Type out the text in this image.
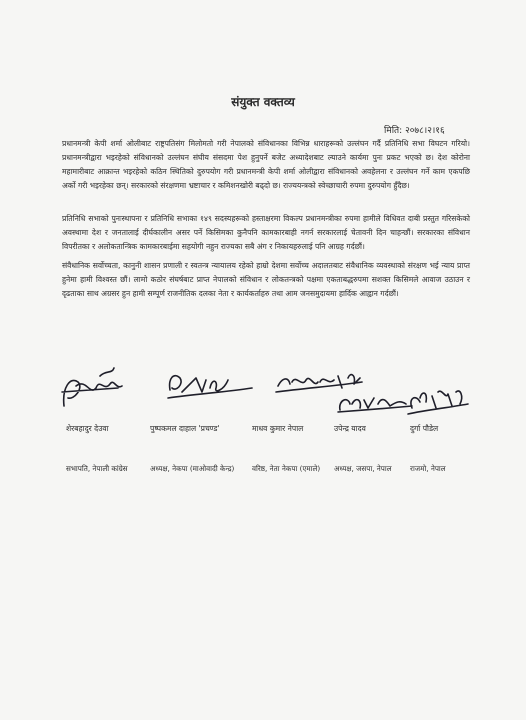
संयुक्त वक्तव्य
मिति: २०७८।२।१६

प्रधानमन्त्री केपी शर्मा ओलीबाट राष्ट्रपतिसंग मिलोमतो गरी नेपालको संविधानका विभिन्न धाराहरूको उल्लंघन गर्दै प्रतिनिधि सभा विघटन गरियो। प्रधानमन्त्रीद्वारा भइरहेको संविधानको उल्लंघन संघीय संसदमा पेश हुनुपर्ने बजेट अध्यादेशबाट ल्याउने कार्यमा पुनः प्रकट भएको छ। देश कोरोना महामारीबाट आक्रान्त भइरहेको कठिन स्थितिको दुरुपयोग गरी प्रधानमन्त्री केपी शर्मा ओलीद्वारा संविधानको अवहेलना र उल्लंघन गर्ने काम एकपछि अर्को गरी भइरहेका छन्। सरकारको संरक्षणमा भ्रष्टाचार र कमिशनखोरी बढ्दो छ। राज्ययन्त्रको स्वेच्छाचारी रुपमा दुरुपयोग हुँदैछ।

प्रतिनिधि सभाको पुनःस्थापना र प्रतिनिधि सभाका १४९ सदस्यहरूको हस्ताक्षरमा विकल्प प्रधानमन्त्रीका रुपमा हामीले विधिवत दाबी प्रस्तुत गरिसकेको अवस्थामा देश र जनतालाई दीर्घकालीन असर पर्ने किसिमका कुनैपनि कामकारबाही नगर्न सरकारलाई चेतावनी दिन चाहन्छौं। सरकारका संविधान विपरीतका र अलोकतान्त्रिक कामकारबाईमा सहयोगी नहुन राज्यका सबै अंग र निकायहरुलाई पनि आग्रह गर्दछौं।

संवैधानिक सर्वोच्चता, कानुनी शासन प्रणाली र स्वतन्त्र न्यायालय रहेको हाम्रो देशमा सर्वोच्च अदालतबाट संवैधानिक व्यवस्थाको संरक्षण भई न्याय प्राप्त हुनेमा हामी विश्वस्त छौं। लामो कठोर संघर्षबाट प्राप्त नेपालको संविधान र लोकतन्त्रको पक्षमा एकताबद्धरुपमा सशक्त किसिमले आवाज उठाउन र दृढताका साथ अग्रसर हुन हामी सम्पूर्ण राजनीतिक दलका नेता र कार्यकर्ताहरु तथा आम जनसमुदायमा हार्दिक आह्वान गर्दछौं।

शेरबहादुर देउवा	पुष्पकमल दाहाल 'प्रचण्ड'	माधव कुमार नेपाल	उपेन्द्र यादव	दुर्गा पौडेल
सभापति, नेपाली कांग्रेस	अध्यक्ष, नेकपा (माओवादी केन्द्र)	वरिष्ठ, नेता नेकपा (एमाले)	अध्यक्ष, जसपा, नेपाल	राजमो, नेपाल
